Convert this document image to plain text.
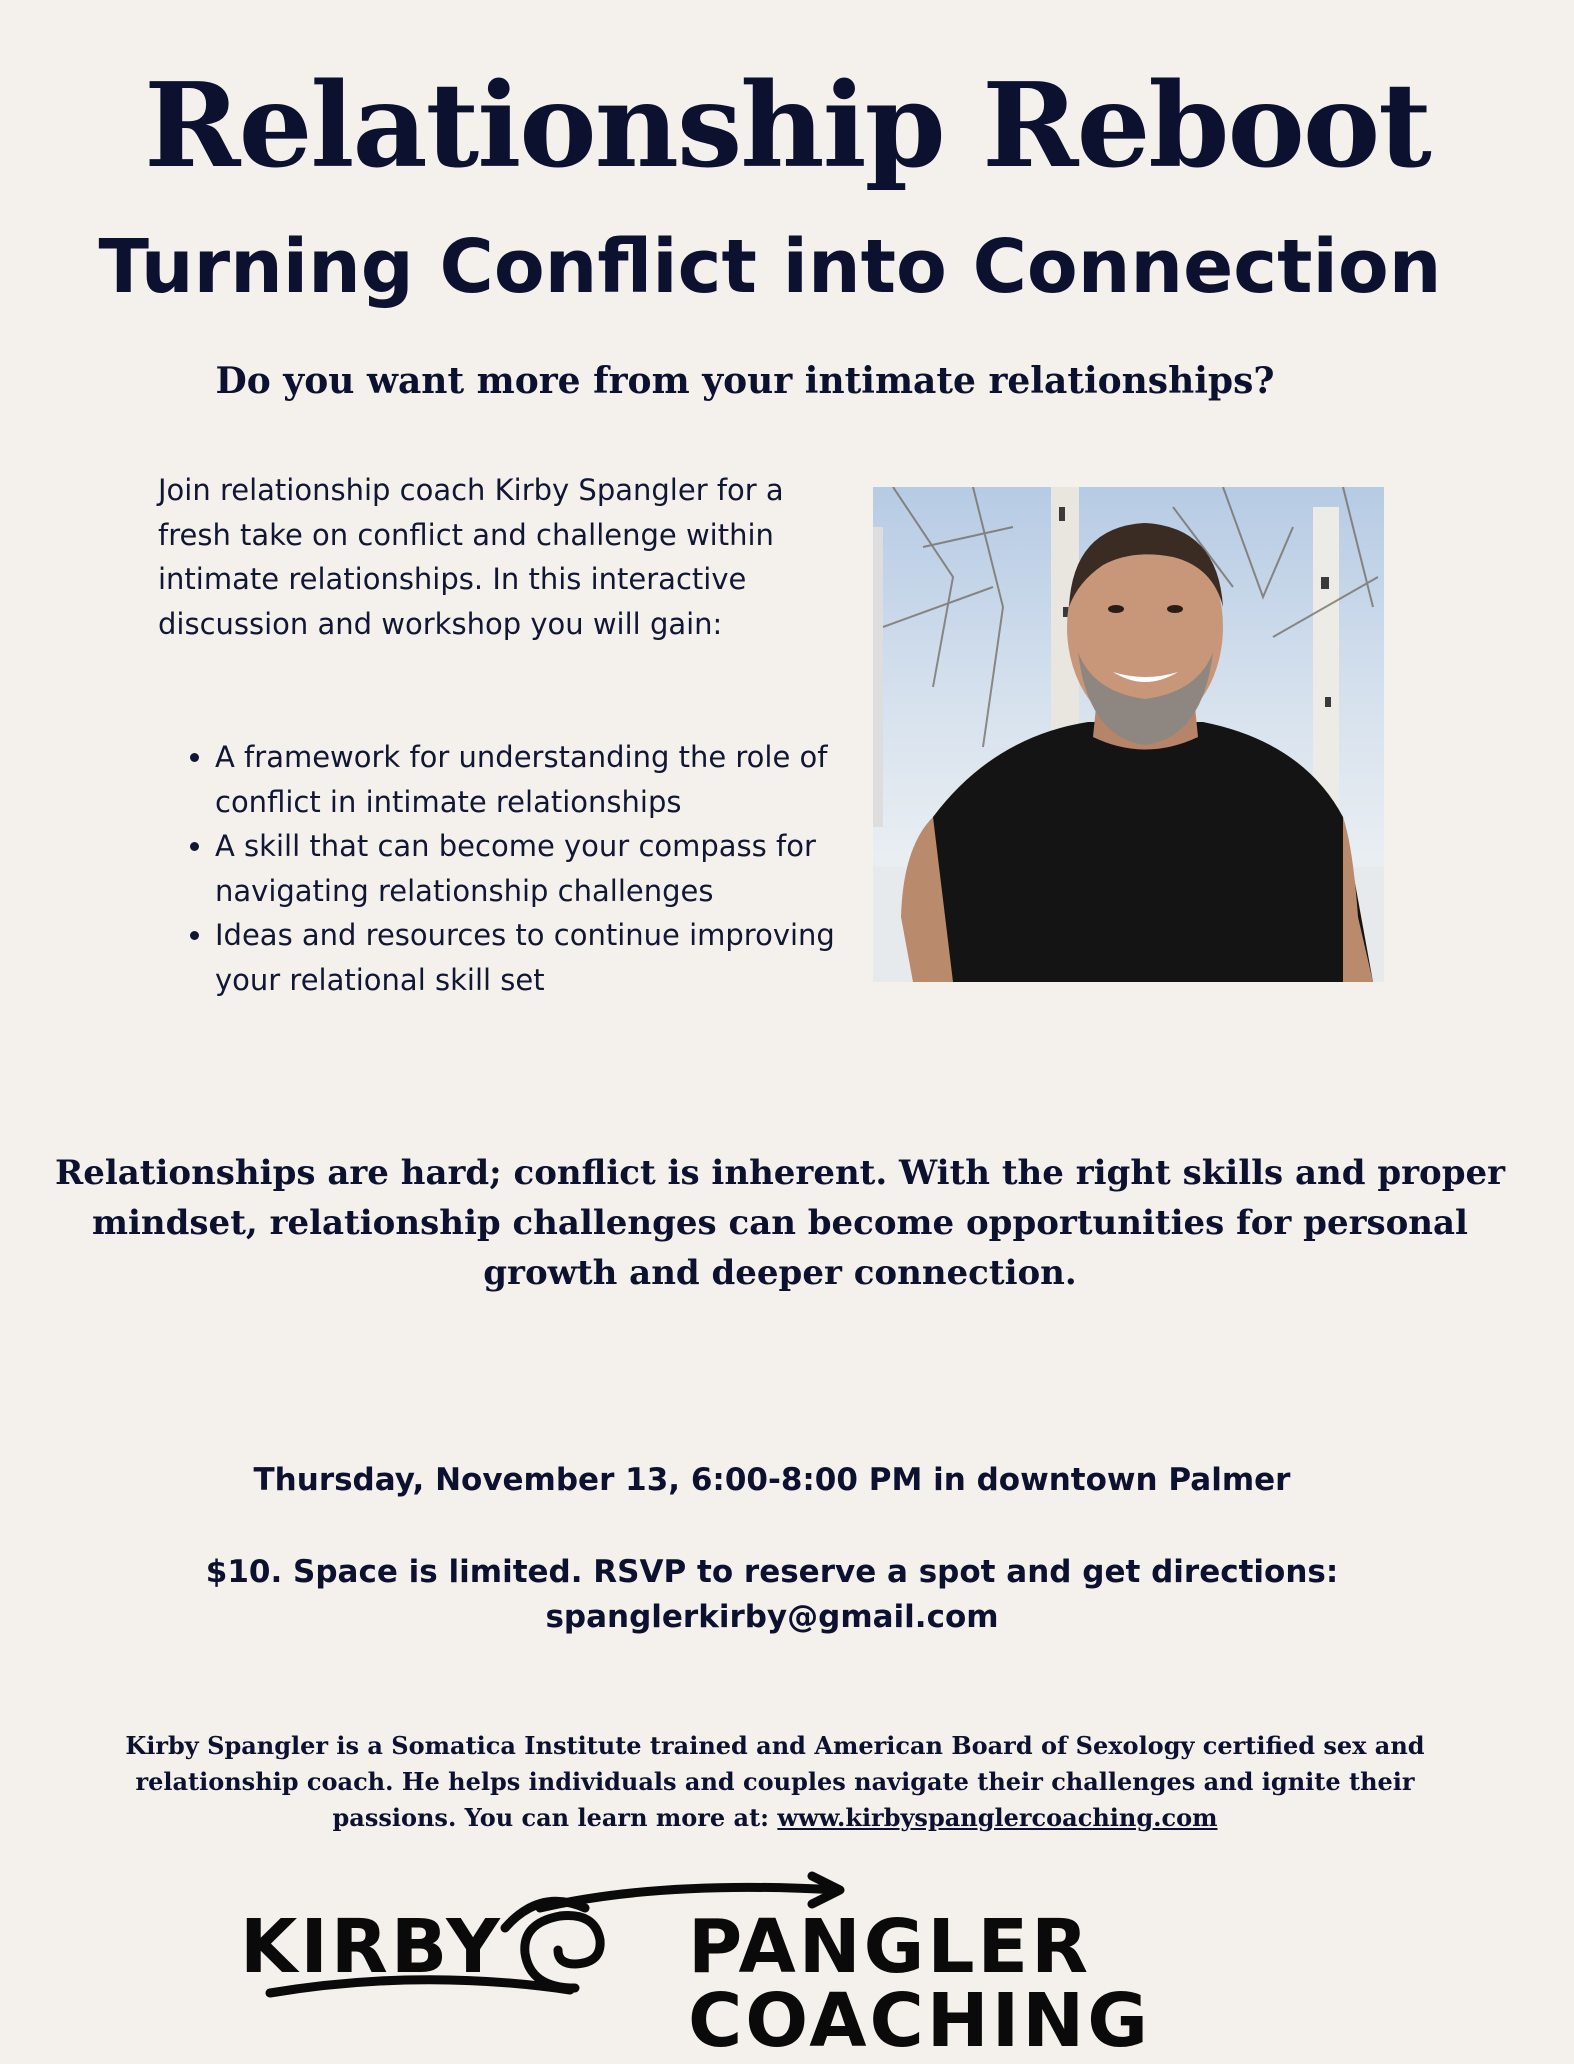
Relationship Reboot
Turning Conflict into Connection
Do you want more from your intimate relationships?

Join relationship coach Kirby Spangler for a fresh take on conflict and challenge within intimate relationships. In this interactive discussion and workshop you will gain:

• A framework for understanding the role of conflict in intimate relationships
• A skill that can become your compass for navigating relationship challenges
• Ideas and resources to continue improving your relational skill set
Relationships are hard; conflict is inherent. With the right skills and proper mindset, relationship challenges can become opportunities for personal growth and deeper connection.
Thursday, November 13, 6:00-8:00 PM in downtown Palmer
$10. Space is limited. RSVP to reserve a spot and get directions:
spanglerkirby@gmail.com
Kirby Spangler is a Somatica Institute trained and American Board of Sexology certified sex and relationship coach. He helps individuals and couples navigate their challenges and ignite their passions. You can learn more at: www.kirbyspanglercoaching.com
KIRBY	PANGLER COACHING
